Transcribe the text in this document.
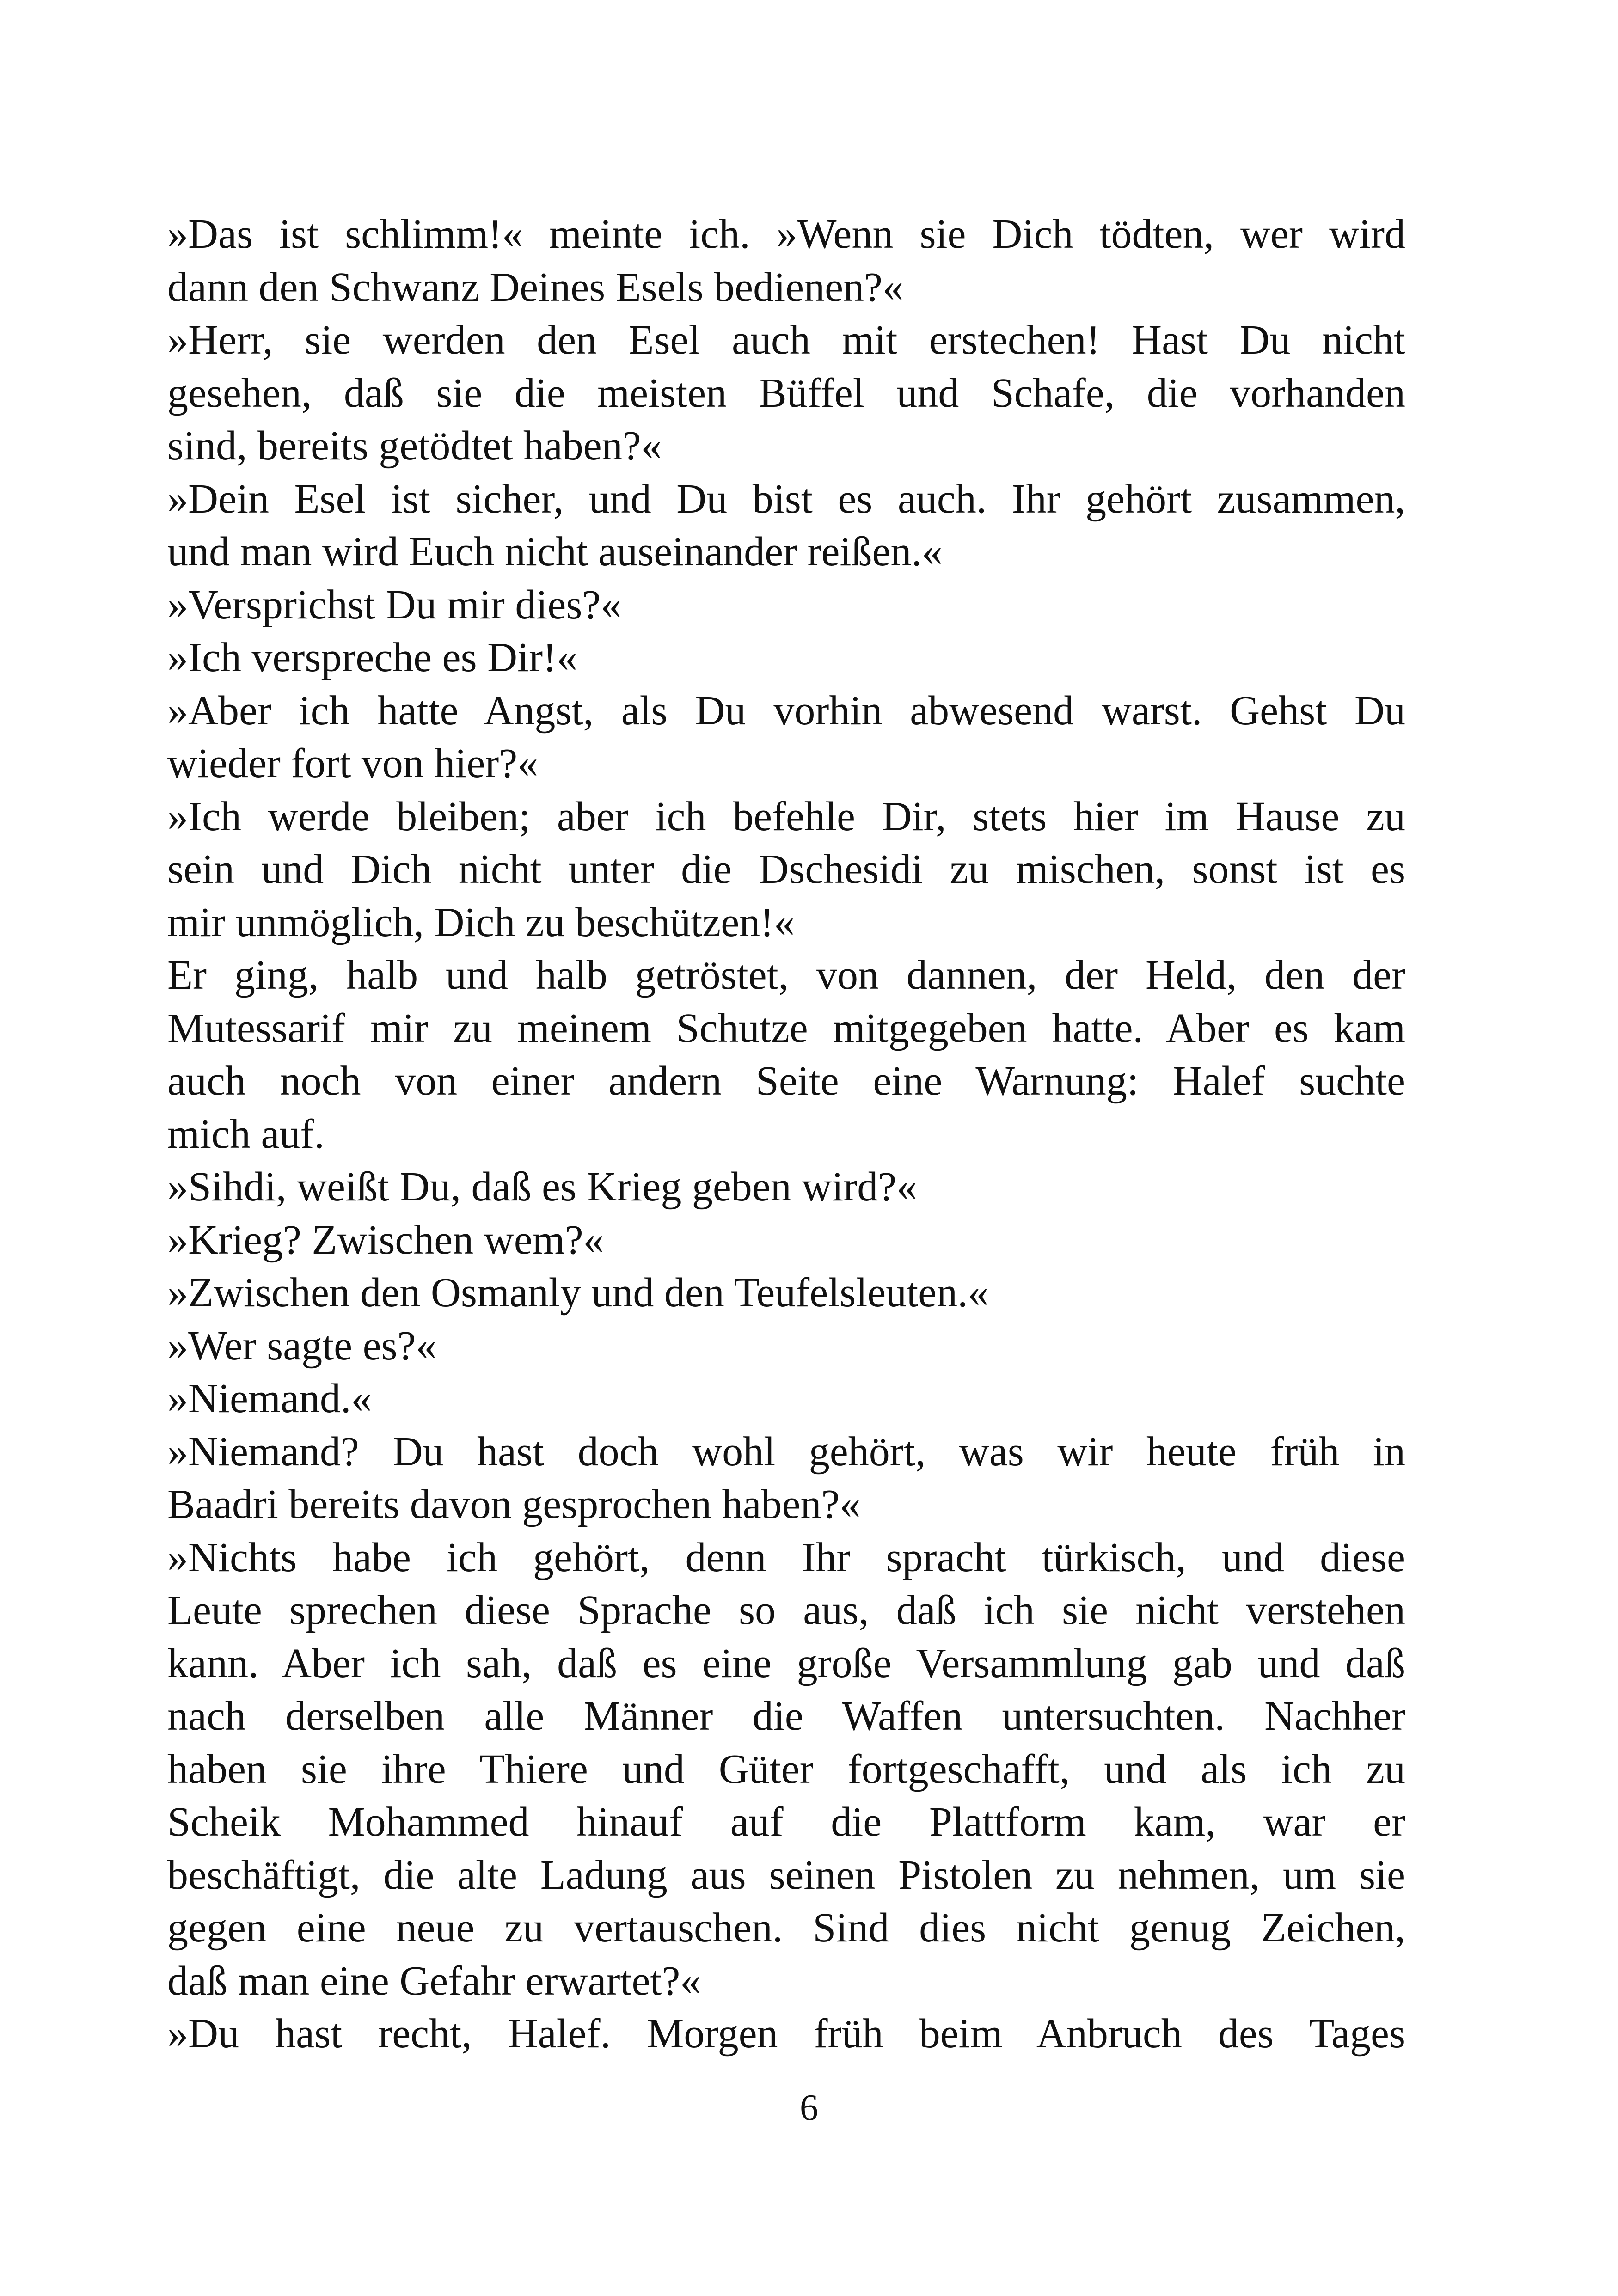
»Das ist schlimm!« meinte ich. »Wenn sie Dich tödten, wer wird
dann den Schwanz Deines Esels bedienen?«
»Herr, sie werden den Esel auch mit erstechen! Hast Du nicht
gesehen, daß sie die meisten Büffel und Schafe, die vorhanden
sind, bereits getödtet haben?«
»Dein Esel ist sicher, und Du bist es auch. Ihr gehört zusammen,
und man wird Euch nicht auseinander reißen.«
»Versprichst Du mir dies?«
»Ich verspreche es Dir!«
»Aber ich hatte Angst, als Du vorhin abwesend warst. Gehst Du
wieder fort von hier?«
»Ich werde bleiben; aber ich befehle Dir, stets hier im Hause zu
sein und Dich nicht unter die Dschesidi zu mischen, sonst ist es
mir unmöglich, Dich zu beschützen!«
Er ging, halb und halb getröstet, von dannen, der Held, den der
Mutessarif mir zu meinem Schutze mitgegeben hatte. Aber es kam
auch noch von einer andern Seite eine Warnung: Halef suchte
mich auf.
»Sihdi, weißt Du, daß es Krieg geben wird?«
»Krieg? Zwischen wem?«
»Zwischen den Osmanly und den Teufelsleuten.«
»Wer sagte es?«
»Niemand.«
»Niemand? Du hast doch wohl gehört, was wir heute früh in
Baadri bereits davon gesprochen haben?«
»Nichts habe ich gehört, denn Ihr spracht türkisch, und diese
Leute sprechen diese Sprache so aus, daß ich sie nicht verstehen
kann. Aber ich sah, daß es eine große Versammlung gab und daß
nach derselben alle Männer die Waffen untersuchten. Nachher
haben sie ihre Thiere und Güter fortgeschafft, und als ich zu
Scheik Mohammed hinauf auf die Plattform kam, war er
beschäftigt, die alte Ladung aus seinen Pistolen zu nehmen, um sie
gegen eine neue zu vertauschen. Sind dies nicht genug Zeichen,
daß man eine Gefahr erwartet?«
»Du hast recht, Halef. Morgen früh beim Anbruch des Tages
6
